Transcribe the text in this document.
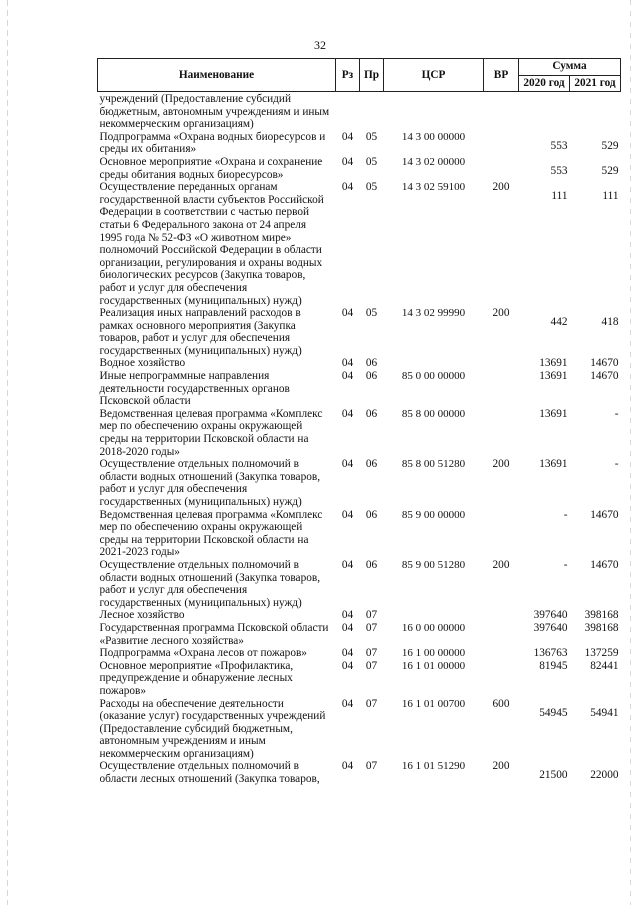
32
Наименование	Рз	Пр	ЦСР	ВР	Сумма	
					2020 год	2021 год
учреждений (Предоставление субсидий бюджетным, автономным учреждениям и иным некоммерческим организациям)						
Подпрограмма «Охрана водных биоресурсов и среды их обитания»	04	05	14 3 00 00000		553	529
Основное мероприятие «Охрана и сохранение среды обитания водных биоресурсов»	04	05	14 3 02 00000		553	529
Осуществление переданных органам государственной власти субъектов Российской Федерации в соответствии с частью первой статьи 6 Федерального закона от 24 апреля 1995 года № 52-ФЗ «О животном мире» полномочий Российской Федерации в области организации, регулирования и охраны водных биологических ресурсов (Закупка товаров, работ и услуг для обеспечения государственных (муниципальных) нужд)	04	05	14 3 02 59100	200	111	111
Реализация иных направлений расходов в рамках основного мероприятия (Закупка товаров, работ и услуг для обеспечения государственных (муниципальных) нужд)	04	05	14 3 02 99990	200	442	418
Водное хозяйство	04	06			13691	14670
Иные непрограммные направления деятельности государственных органов Псковской области	04	06	85 0 00 00000		13691	14670
Ведомственная целевая программа «Комплекс мер по обеспечению охраны окружающей среды на территории Псковской области на 2018-2020 годы»	04	06	85 8 00 00000		13691	-
Осуществление отдельных полномочий в области водных отношений (Закупка товаров, работ и услуг для обеспечения государственных (муниципальных) нужд)	04	06	85 8 00 51280	200	13691	-
Ведомственная целевая программа «Комплекс мер по обеспечению охраны окружающей среды на территории Псковской области на 2021-2023 годы»	04	06	85 9 00 00000		-	14670
Осуществление отдельных полномочий в области водных отношений (Закупка товаров, работ и услуг для обеспечения государственных (муниципальных) нужд)	04	06	85 9 00 51280	200	-	14670
Лесное хозяйство	04	07			397640	398168
Государственная программа Псковской области «Развитие лесного хозяйства»	04	07	16 0 00 00000		397640	398168
Подпрограмма «Охрана лесов от пожаров»	04	07	16 1 00 00000		136763	137259
Основное мероприятие «Профилактика, предупреждение и обнаружение лесных пожаров»	04	07	16 1 01 00000		81945	82441
Расходы на обеспечение деятельности (оказание услуг) государственных учреждений (Предоставление субсидий бюджетным, автономным учреждениям и иным некоммерческим организациям)	04	07	16 1 01 00700	600	54945	54941
Осуществление отдельных полномочий в области лесных отношений (Закупка товаров,	04	07	16 1 01 51290	200	21500	22000
